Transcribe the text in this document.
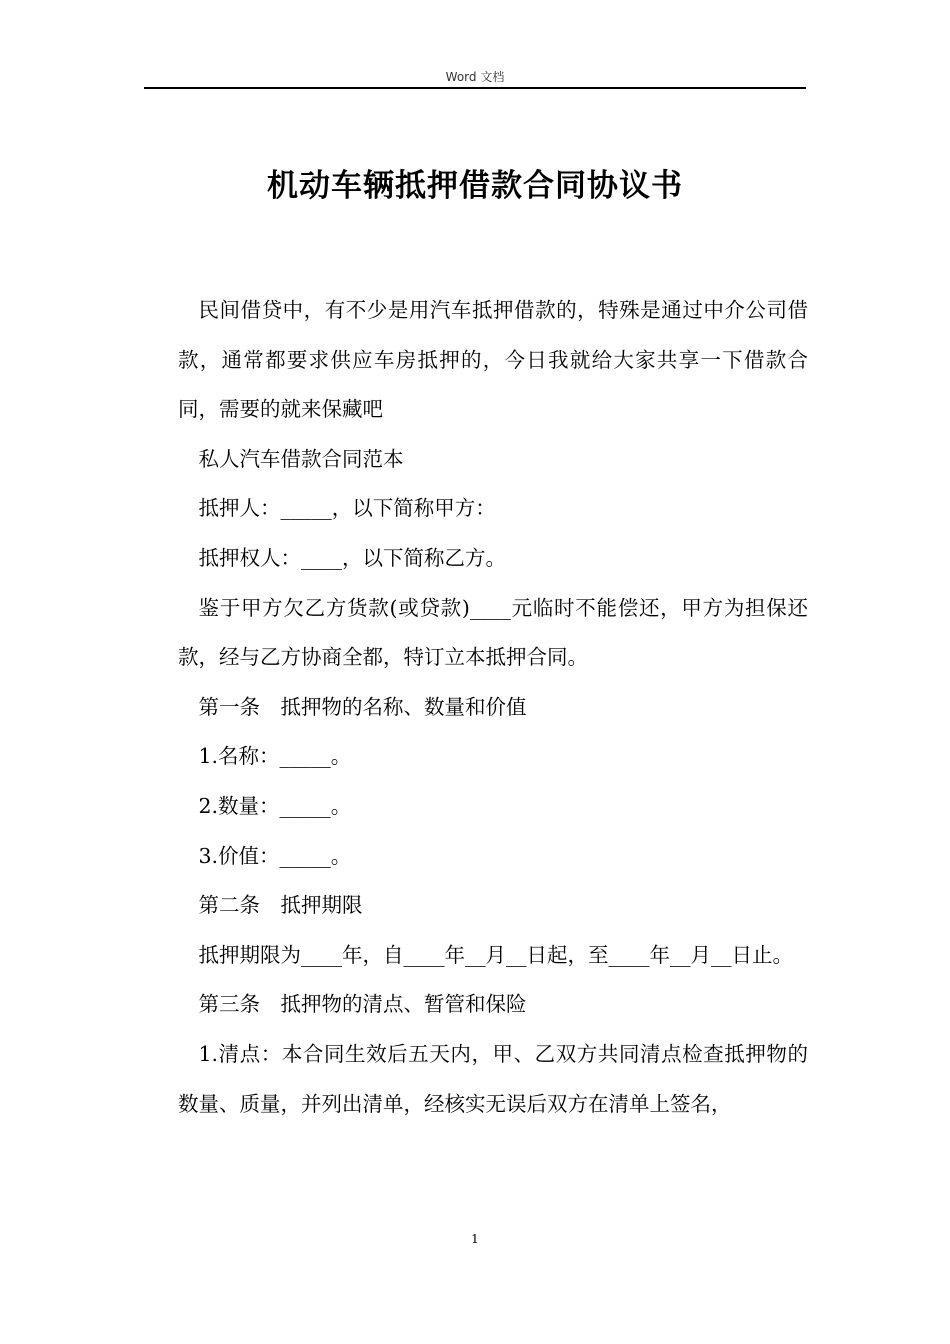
Word 文档
机动车辆抵押借款合同协议书

民间借贷中，有不少是用汽车抵押借款的，特殊是通过中介公司借款，通常都要求供应车房抵押的，今日我就给大家共享一下借款合同，需要的就来保藏吧

私人汽车借款合同范本

抵押人：_____，以下简称甲方：

抵押权人：____，以下简称乙方。

鉴于甲方欠乙方货款(或贷款)____元临时不能偿还，甲方为担保还款，经与乙方协商全都，特订立本抵押合同。

第一条　抵押物的名称、数量和价值

1.名称：_____。

2.数量：_____。

3.价值：_____。

第二条　抵押期限

抵押期限为____年，自____年__月__日起，至____年__月__日止。

第三条　抵押物的清点、暂管和保险

1.清点：本合同生效后五天内，甲、乙双方共同清点检查抵押物的数量、质量，并列出清单，经核实无误后双方在清单上签名，

1
